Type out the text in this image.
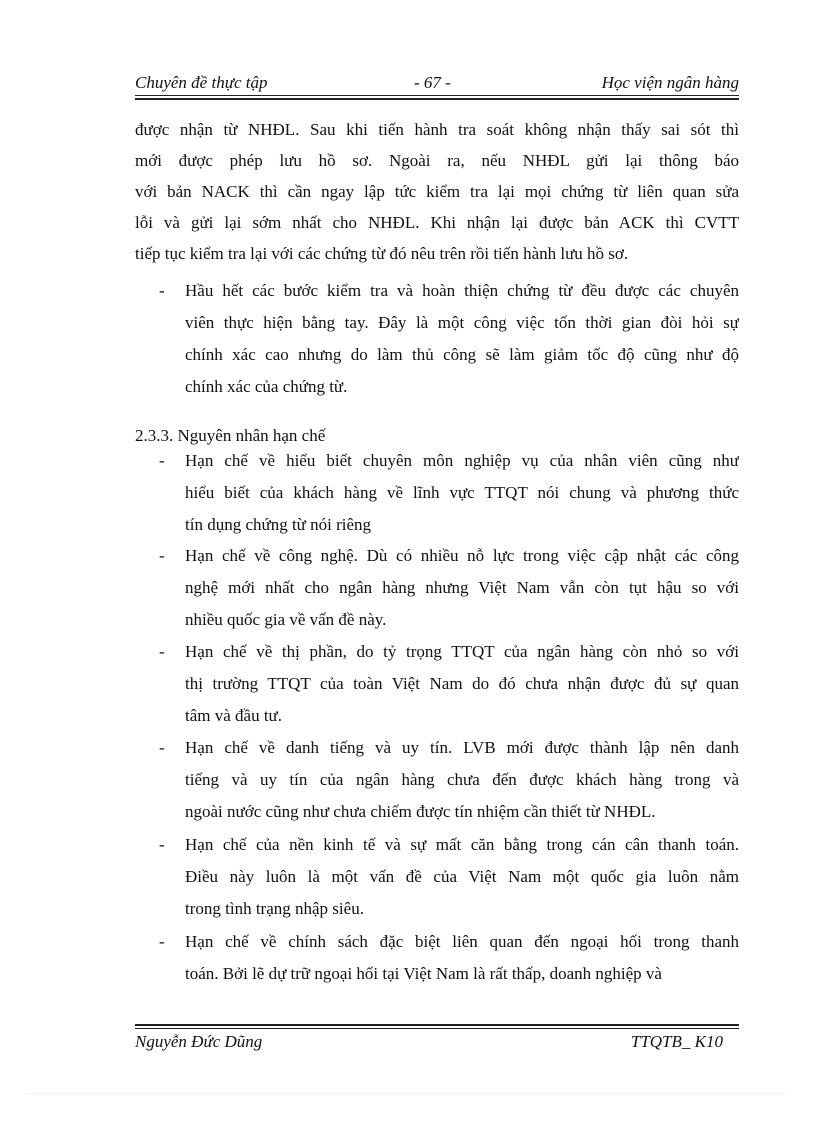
Chuyên đề thực tập	- 67 -	Học viện ngân hàng
được nhận từ NHĐL. Sau khi tiến hành tra soát không nhận thấy sai sót thì
mới được phép lưu hồ sơ. Ngoài ra, nếu NHĐL gửi lại thông báo
với bản NACK thì cần ngay lập tức kiểm tra lại mọi chứng từ liên quan sửa
lỗi và gửi lại sớm nhất cho NHĐL. Khi nhận lại được bản ACK thì CVTT
tiếp tục kiểm tra lại với các chứng từ đó nêu trên rồi tiến hành lưu hồ sơ.
- Hầu hết các bước kiểm tra và hoàn thiện chứng từ đều được các chuyên
viên thực hiện bằng tay. Đây là một công việc tốn thời gian đòi hỏi sự
chính xác cao nhưng do làm thủ công sẽ làm giảm tốc độ cũng như độ
chính xác của chứng từ.
2.3.3. Nguyên nhân hạn chế
- Hạn chế về hiểu biết chuyên môn nghiệp vụ của nhân viên cũng như
hiểu biết của khách hàng về lĩnh vực TTQT nói chung và phương thức
tín dụng chứng từ nói riêng
- Hạn chế về công nghệ. Dù có nhiều nỗ lực trong việc cập nhật các công
nghệ mới nhất cho ngân hàng nhưng Việt Nam vẫn còn tụt hậu so với
nhiều quốc gia về vấn đề này.
- Hạn chế về thị phần, do tỷ trọng TTQT của ngân hàng còn nhỏ so với
thị trường TTQT của toàn Việt Nam do đó chưa nhận được đủ sự quan
tâm và đầu tư.
- Hạn chế về danh tiếng và uy tín. LVB mới được thành lập nên danh
tiếng và uy tín của ngân hàng chưa đến được khách hàng trong và
ngoài nước cũng như chưa chiếm được tín nhiệm cần thiết từ NHĐL.
- Hạn chế của nền kinh tế và sự mất căn bằng trong cán cân thanh toán.
Điều này luôn là một vấn đề của Việt Nam một quốc gia luôn nằm
trong tình trạng nhập siêu.
- Hạn chế về chính sách đặc biệt liên quan đến ngoại hối trong thanh
toán. Bởi lẽ dự trữ ngoại hối tại Việt Nam là rất thấp, doanh nghiệp và
Nguyễn Đức Dũng	TTQTB_ K10
